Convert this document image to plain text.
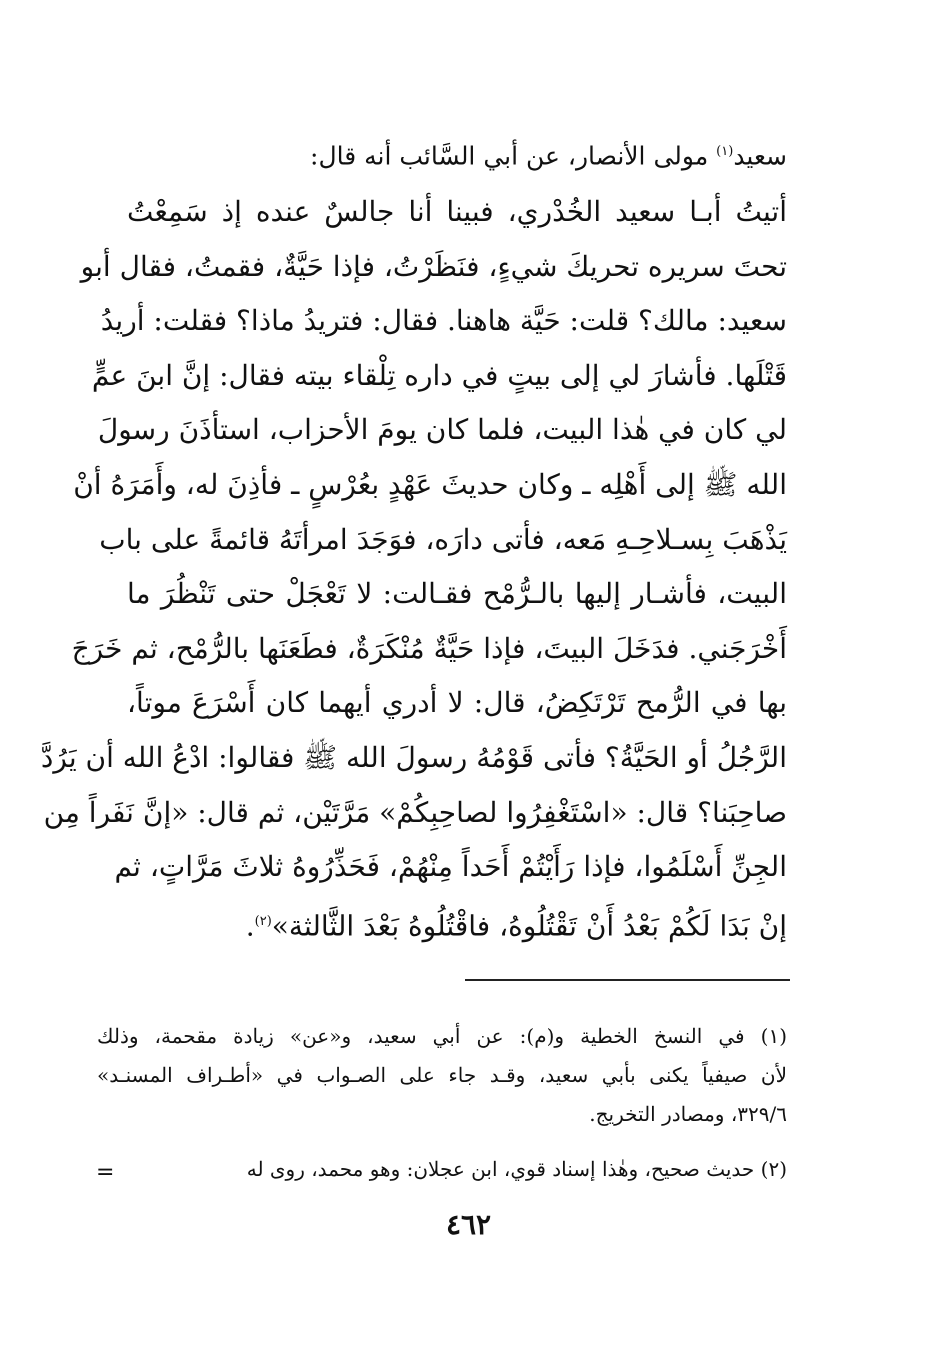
سعيد$^{(١)}$ مولى الأنصار، عن أبي السَّائب أنه قال:
أتيتُ أبـا سعيد الخُدْري، فبينا أنا جالسٌ عنده إذ سَمِعْتُ
تحتَ سريره تحريكَ شيءٍ، فنَظَرْتُ، فإذا حَيَّةٌ، فقمتُ، فقال أبو
سعيد: مالك؟ قلت: حَيَّة هاهنا. فقال: فتريدُ ماذا؟ فقلت: أريدُ
قَتْلَها. فأشارَ لي إلى بيتٍ في داره تِلْقاء بيته فقال: إنَّ ابنَ عمٍّ
لي كان في هٰذا البيت، فلما كان يومَ الأحزاب، استأذَنَ رسولَ
الله ﷺ إلى أَهْلِه ـ وكان حديثَ عَهْدٍ بعُرْسٍ ـ فأذِنَ له، وأَمَرَهُ أنْ
يَذْهَبَ بِسـلاحِـهِ مَعه، فأتى دارَه، فوَجَدَ امرأتَهُ قائمةً على باب
البيت، فأشـار إليها بالـرُّمْح فقـالت: لا تَعْجَلْ حتى تَنْظُرَ ما
أَخْرَجَني. فدَخَلَ البيتَ، فإذا حَيَّةٌ مُنْكَرَةٌ، فطَعَنَها بالرُّمْح، ثم خَرَجَ
بها في الرُّمح تَرْتَكِضُ، قال: لا أدري أيهما كان أَسْرَعَ موتاً،
الرَّجُلُ أو الحَيَّةُ؟ فأتى قَوْمُهُ رسولَ الله ﷺ فقالوا: ادْعُ الله أن يَرُدَّ
صاحِبَنا؟ قال: «اسْتَغْفِرُوا لصاحِبِكُمْ» مَرَّتَيْن، ثم قال: «إنَّ نَفَراً مِن
الجِنِّ أَسْلَمُوا، فإذا رَأَيْتُمْ أَحَداً مِنْهُمْ، فَحَذِّرُوهُ ثلاثَ مَرَّاتٍ، ثم
إنْ بَدَا لَكُمْ بَعْدُ أَنْ تَقْتُلُوهُ، فاقْتُلُوهُ بَعْدَ الثَّالثة»$^{(٢)}$.
(١) في النسخ الخطية و(م): عن أبي سعيد، و«عن» زيادة مقحمة، وذلك
لأن صيفياً يكنى بأبي سعيد، وقـد جاء على الصـواب في «أطـراف المسنـد»
٣٢٩/٦، ومصادر التخريج.
(٢) حديث صحيح، وهٰذا إسناد قوي، ابن عجلان: وهو محمد، روى له
=
٤٦٢
